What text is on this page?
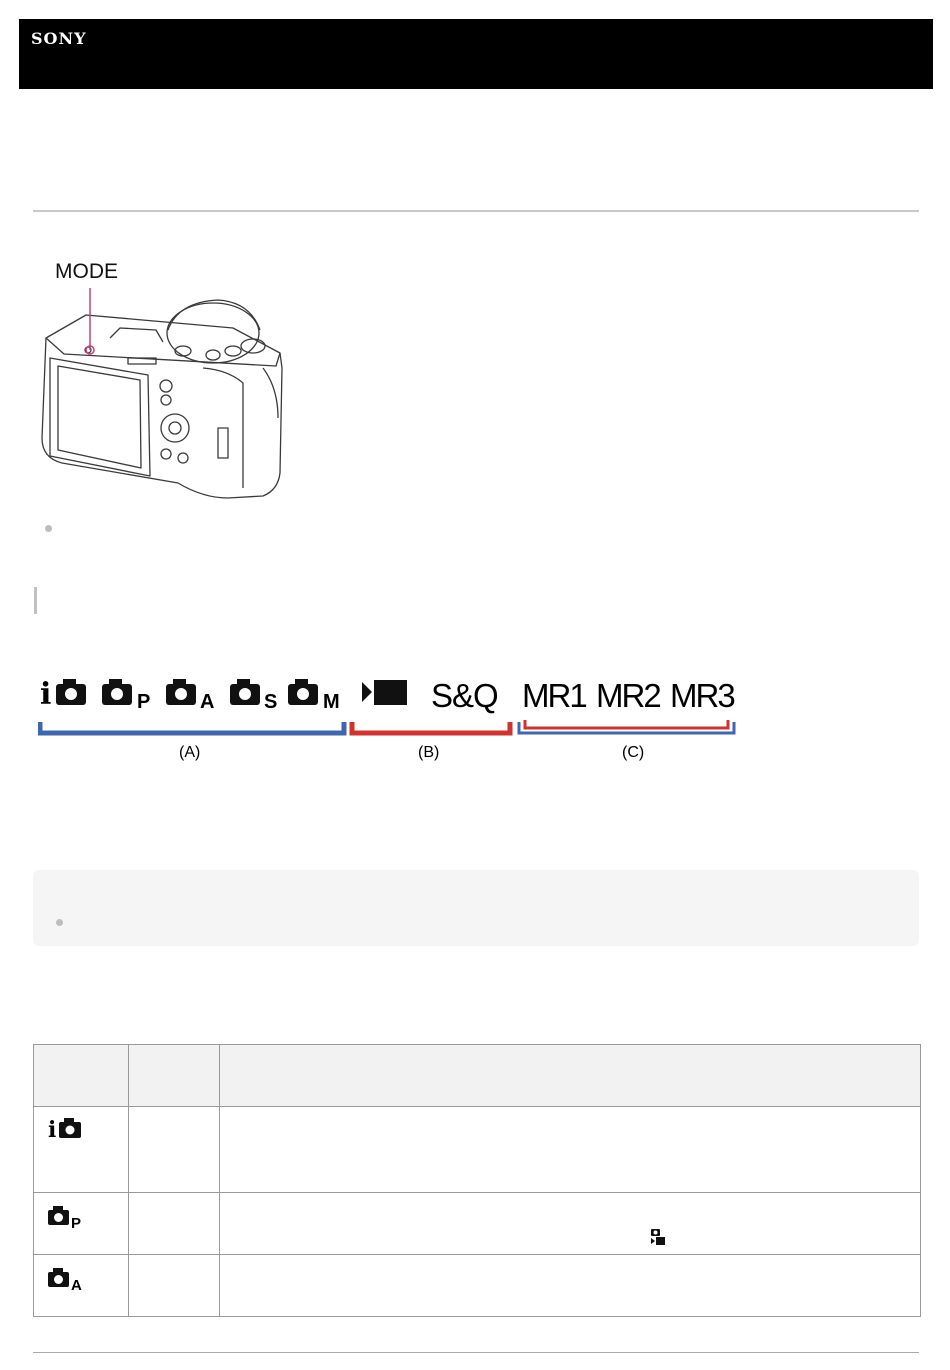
SONY
MODE
i	P A S M	S&Q MR1 MR2 MR3
(A)	(B)	(C)

i		

P

A		
